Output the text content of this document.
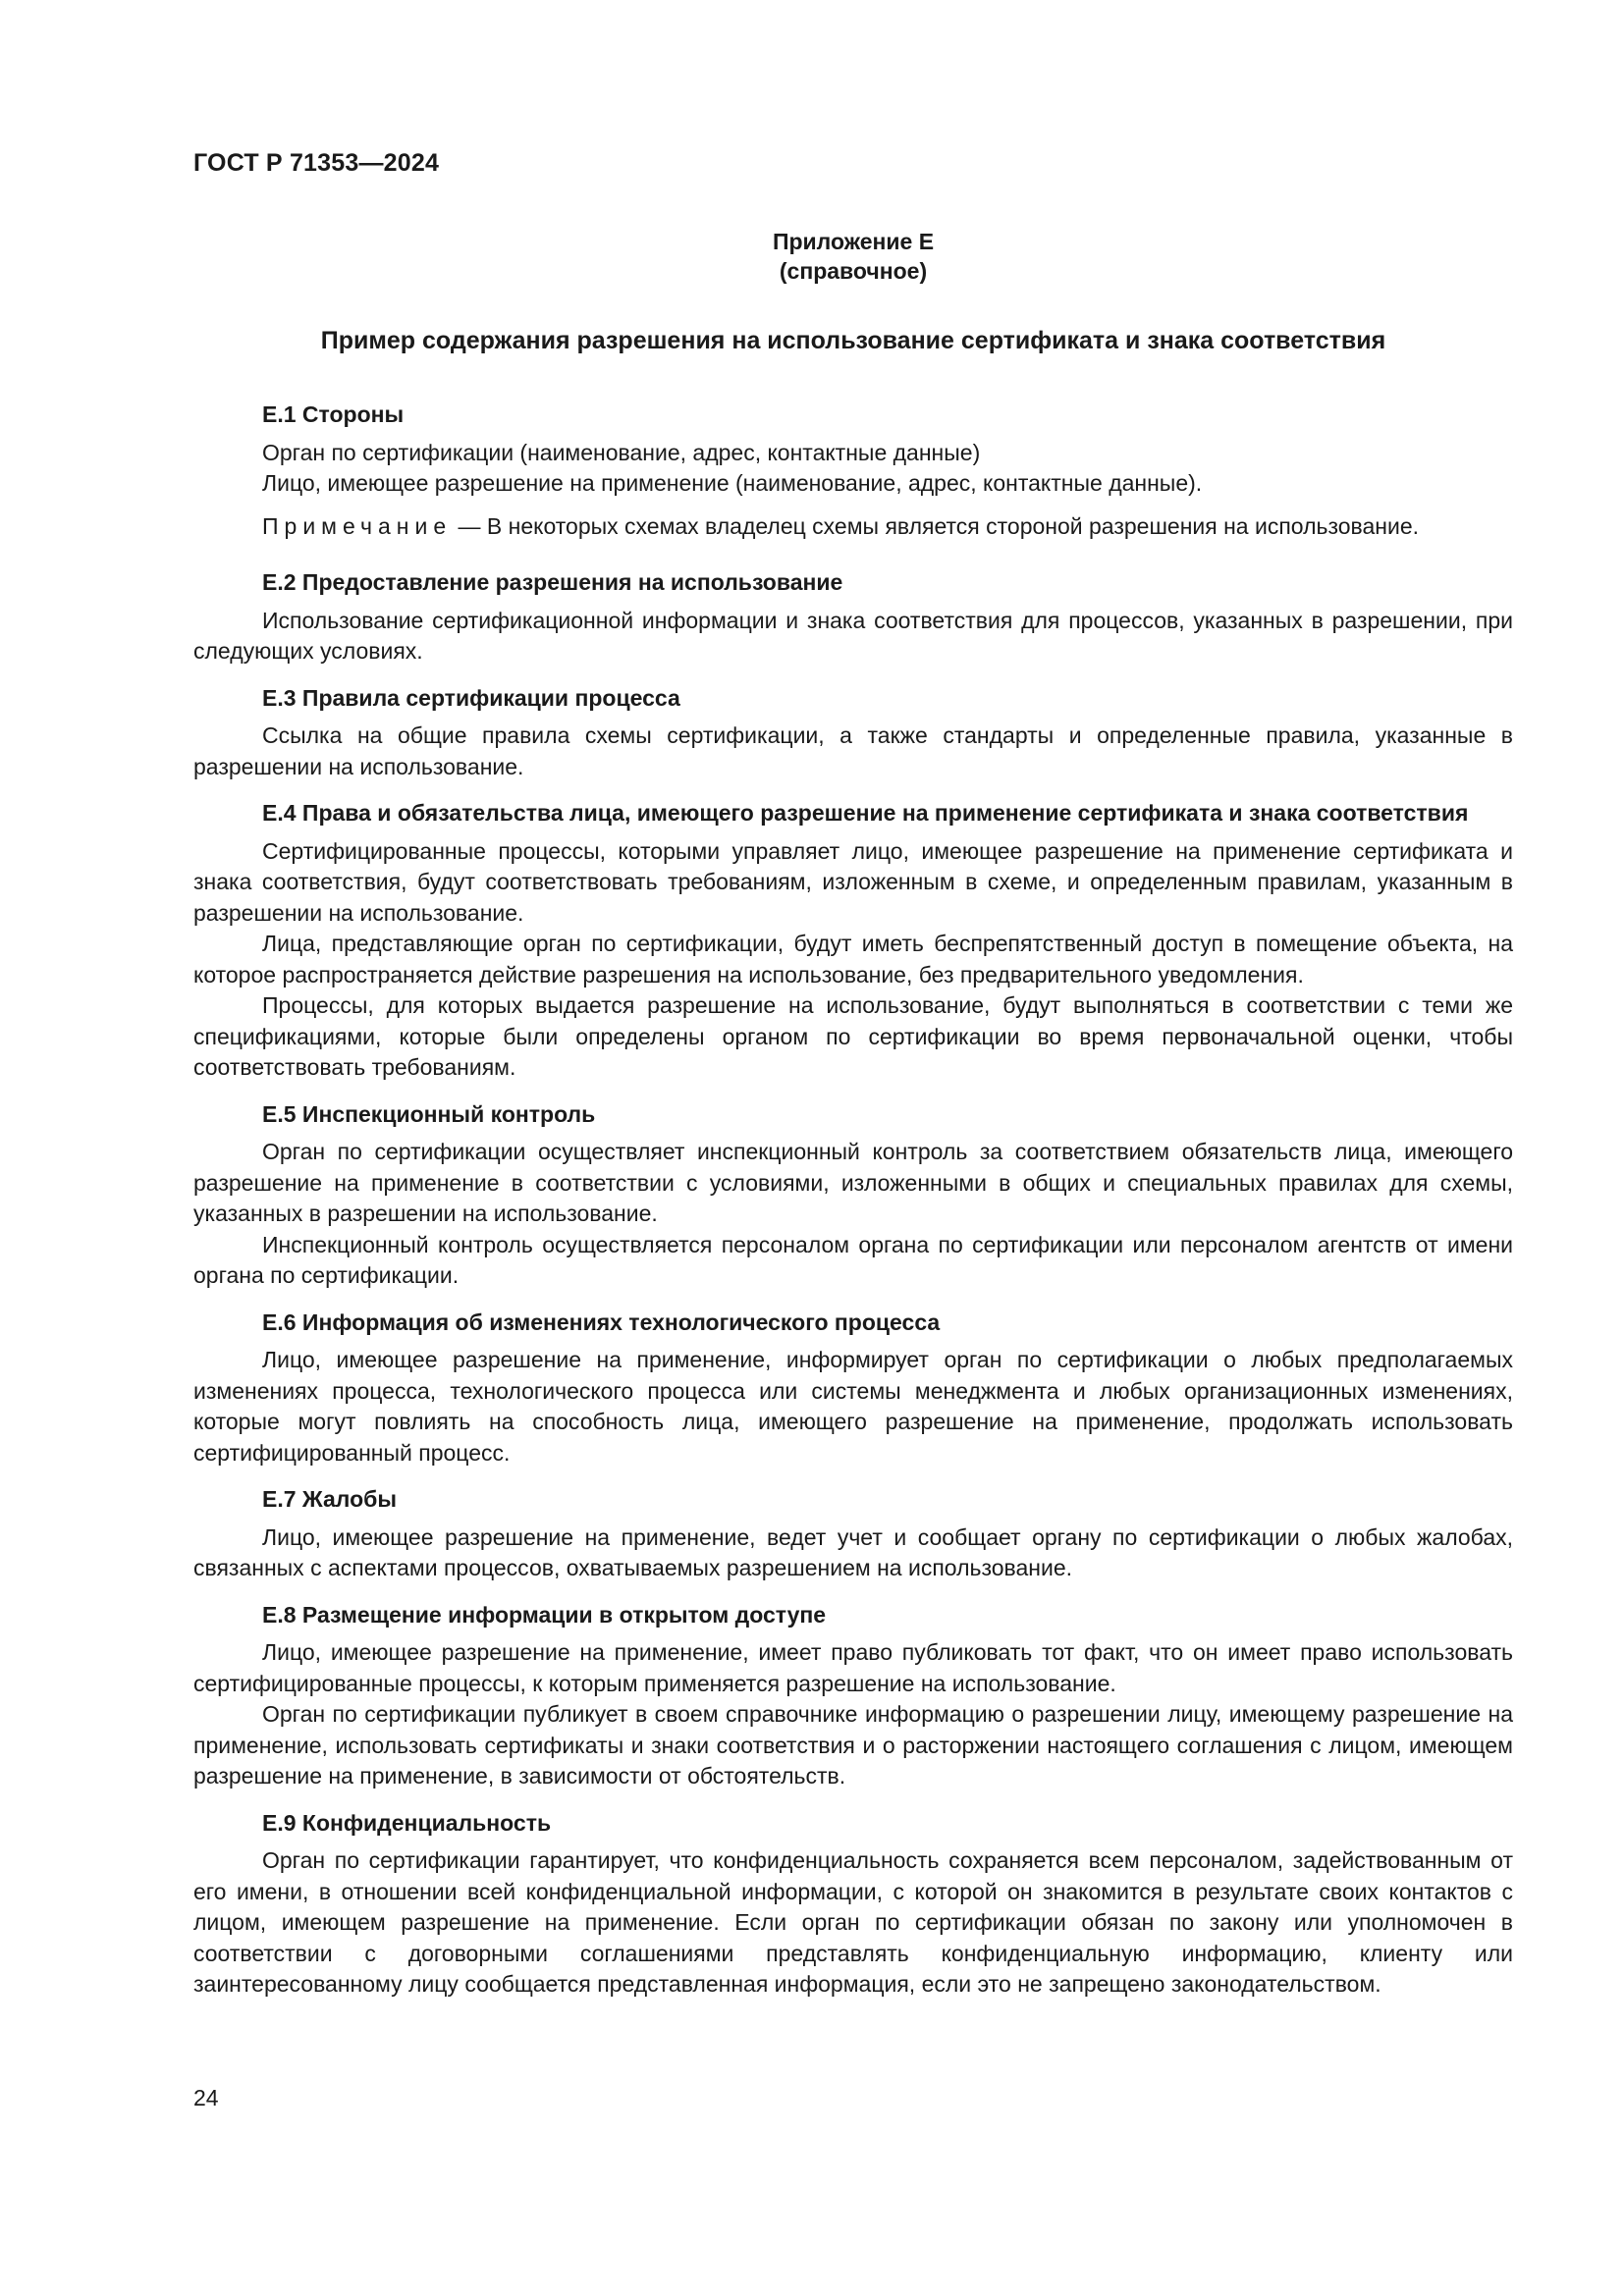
ГОСТ Р 71353—2024

Приложение Е

(справочное)

Пример содержания разрешения на использование сертификата и знака соответствия

Е.1 Стороны

Орган по сертификации (наименование, адрес, контактные данные)

Лицо, имеющее разрешение на применение (наименование, адрес, контактные данные).

Примечание — В некоторых схемах владелец схемы является стороной разрешения на использование.

Е.2 Предоставление разрешения на использование

Использование сертификационной информации и знака соответствия для процессов, указанных в разрешении, при следующих условиях.

Е.3 Правила сертификации процесса

Ссылка на общие правила схемы сертификации, а также стандарты и определенные правила, указанные в разрешении на использование.

Е.4 Права и обязательства лица, имеющего разрешение на применение сертификата и знака соответствия

Сертифицированные процессы, которыми управляет лицо, имеющее разрешение на применение сертификата и знака соответствия, будут соответствовать требованиям, изложенным в схеме, и определенным правилам, указанным в разрешении на использование.

Лица, представляющие орган по сертификации, будут иметь беспрепятственный доступ в помещение объекта, на которое распространяется действие разрешения на использование, без предварительного уведомления.

Процессы, для которых выдается разрешение на использование, будут выполняться в соответствии с теми же спецификациями, которые были определены органом по сертификации во время первоначальной оценки, чтобы соответствовать требованиям.

Е.5 Инспекционный контроль

Орган по сертификации осуществляет инспекционный контроль за соответствием обязательств лица, имеющего разрешение на применение в соответствии с условиями, изложенными в общих и специальных правилах для схемы, указанных в разрешении на использование.

Инспекционный контроль осуществляется персоналом органа по сертификации или персоналом агентств от имени органа по сертификации.

Е.6 Информация об изменениях технологического процесса

Лицо, имеющее разрешение на применение, информирует орган по сертификации о любых предполагаемых изменениях процесса, технологического процесса или системы менеджмента и любых организационных изменениях, которые могут повлиять на способность лица, имеющего разрешение на применение, продолжать использовать сертифицированный процесс.

Е.7 Жалобы

Лицо, имеющее разрешение на применение, ведет учет и сообщает органу по сертификации о любых жалобах, связанных с аспектами процессов, охватываемых разрешением на использование.

Е.8 Размещение информации в открытом доступе

Лицо, имеющее разрешение на применение, имеет право публиковать тот факт, что он имеет право использовать сертифицированные процессы, к которым применяется разрешение на использование.

Орган по сертификации публикует в своем справочнике информацию о разрешении лицу, имеющему разрешение на применение, использовать сертификаты и знаки соответствия и о расторжении настоящего соглашения с лицом, имеющем разрешение на применение, в зависимости от обстоятельств.

Е.9 Конфиденциальность

Орган по сертификации гарантирует, что конфиденциальность сохраняется всем персоналом, задействованным от его имени, в отношении всей конфиденциальной информации, с которой он знакомится в результате своих контактов с лицом, имеющем разрешение на применение. Если орган по сертификации обязан по закону или уполномочен в соответствии с договорными соглашениями представлять конфиденциальную информацию, клиенту или заинтересованному лицу сообщается представленная информация, если это не запрещено законодательством.

24
